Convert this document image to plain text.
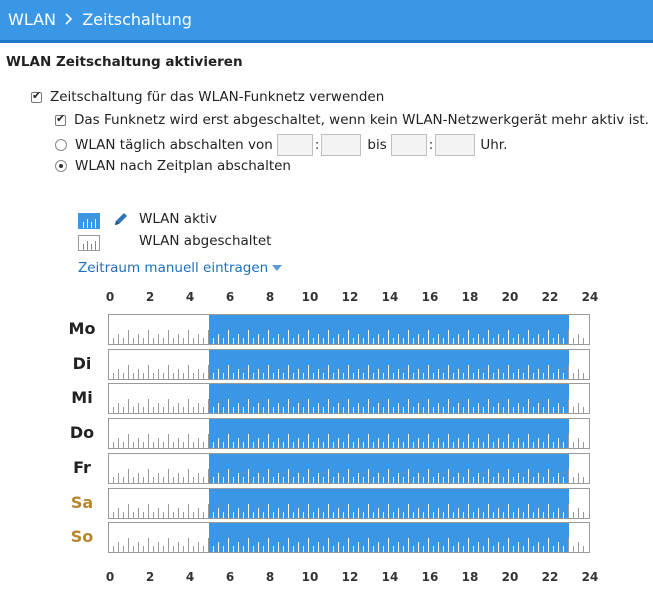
WLAN Zeitschaltung
WLAN Zeitschaltung aktivieren
✔
Zeitschaltung für das WLAN-Funknetz verwenden
✔
Das Funknetz wird erst abgeschaltet, wenn kein WLAN-Netzwerkgerät mehr aktiv ist.
WLAN täglich abschalten von	:	bis	:	Uhr.
WLAN nach Zeitplan abschalten
WLAN aktiv
WLAN abgeschaltet
Zeitraum manuell eintragen
0	2	4	6	8 10 12 14 16 18 20 22 24
0	2	4	6	8 10 12 14 16 18 20 22 24
Mo
Di
Mi
Do
Fr
Sa
So
